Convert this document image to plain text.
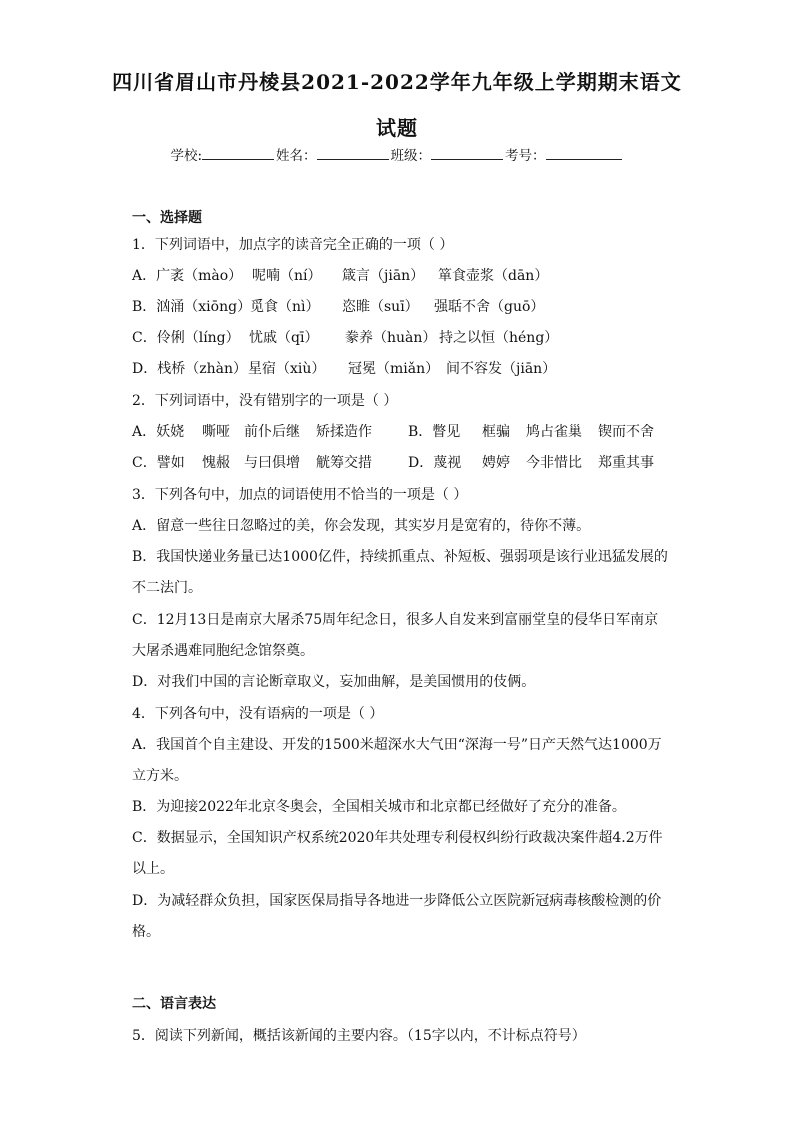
四川省眉山市丹棱县2021-2022学年九年级上学期期末语文
试题
学校:	姓名：	班级：	考号：
一、选择题
1．下列词语中，加点字的读音完全正确的一项（ ）
A．广袤（mào） 呢喃（ní） 箴言（jiān） 箪食壶浆（dān）
B．汹涌（xiōng）觅食（nì） 恣睢（suī） 强聒不舍（guō）
C．伶俐（líng） 忧戚（qī） 豢养（huàn） 持之以恒（héng）
D．栈桥（zhàn）星宿（xiù） 冠冕（miǎn） 间不容发（jiān）
2．下列词语中，没有错别字的一项是（ ）
A．妖娆 嘶哑 前仆后继 矫揉造作	B．瞥见 框骗 鸠占雀巢 锲而不舍
C．譬如 愧赧 与曰俱增 觥筹交措	D．蔑视 娉婷 今非惜比 郑重其事
3．下列各句中，加点的词语使用不恰当的一项是（ ）
A．留意一些往日忽略过的美，你会发现，其实岁月是宽宥的，待你不薄。
B．我国快递业务量已达1000亿件，持续抓重点、补短板、强弱项是该行业迅猛发展的
不二法门。
C．12月13日是南京大屠杀75周年纪念日，很多人自发来到富丽堂皇的侵华日军南京
大屠杀遇难同胞纪念馆祭奠。
D．对我们中国的言论断章取义，妄加曲解，是美国惯用的伎俩。
4．下列各句中，没有语病的一项是（ ）
A．我国首个自主建设、开发的1500米超深水大气田“深海一号”日产天然气达1000万
立方米。
B．为迎接2022年北京冬奥会，全国相关城市和北京都已经做好了充分的准备。
C．数据显示，全国知识产权系统2020年共处理专利侵权纠纷行政裁决案件超4.2万件
以上。
D．为减轻群众负担，国家医保局指导各地进一步降低公立医院新冠病毒核酸检测的价
格。
二、语言表达
5．阅读下列新闻，概括该新闻的主要内容。（15字以内，不计标点符号）
